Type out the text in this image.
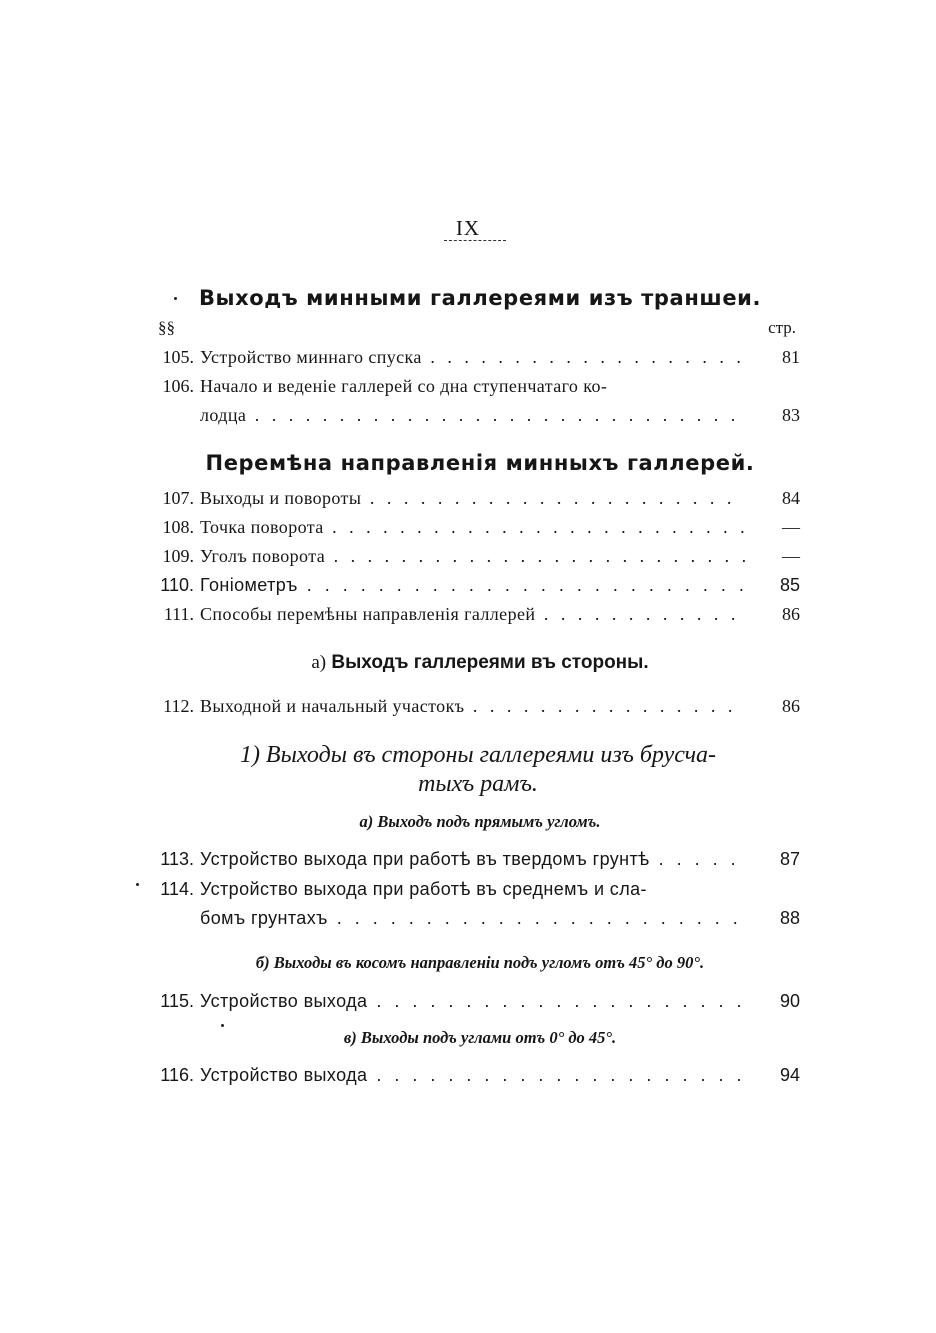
IX
Выходъ минными галлереями изъ траншеи.
§§	стр.
105. Устройство миннаго спуска . . .	81
106. Начало и веденіе галлерей со дна ступенчатаго ко-
лодца . . .	83
Перемѣна направленія минныхъ галлерей.
107. Выходы и повороты . . .	84
108. Точка поворота . . .	—
109. Уголъ поворота . . .	—
110. Гоніометръ . . .	85
111. Способы перемѣны направленія галлерей . . .	86
a) Выходъ галлереями въ стороны.
112. Выходной и начальный участокъ . . .	86
1) Выходы въ стороны галлереями изъ брусча-
тыхъ рамъ.
а) Выходъ подъ прямымъ угломъ.
113. Устройство выхода при работѣ въ твердомъ грунтѣ . . .	87
114. Устройство выхода при работѣ въ среднемъ и сла-
бомъ грунтахъ . . .	88
б) Выходы въ косомъ направленіи подъ угломъ отъ 45° до 90°.
115. Устройство выхода . . .	90
в) Выходы подъ углами отъ 0° до 45°.
116. Устройство выхода . . .	94
